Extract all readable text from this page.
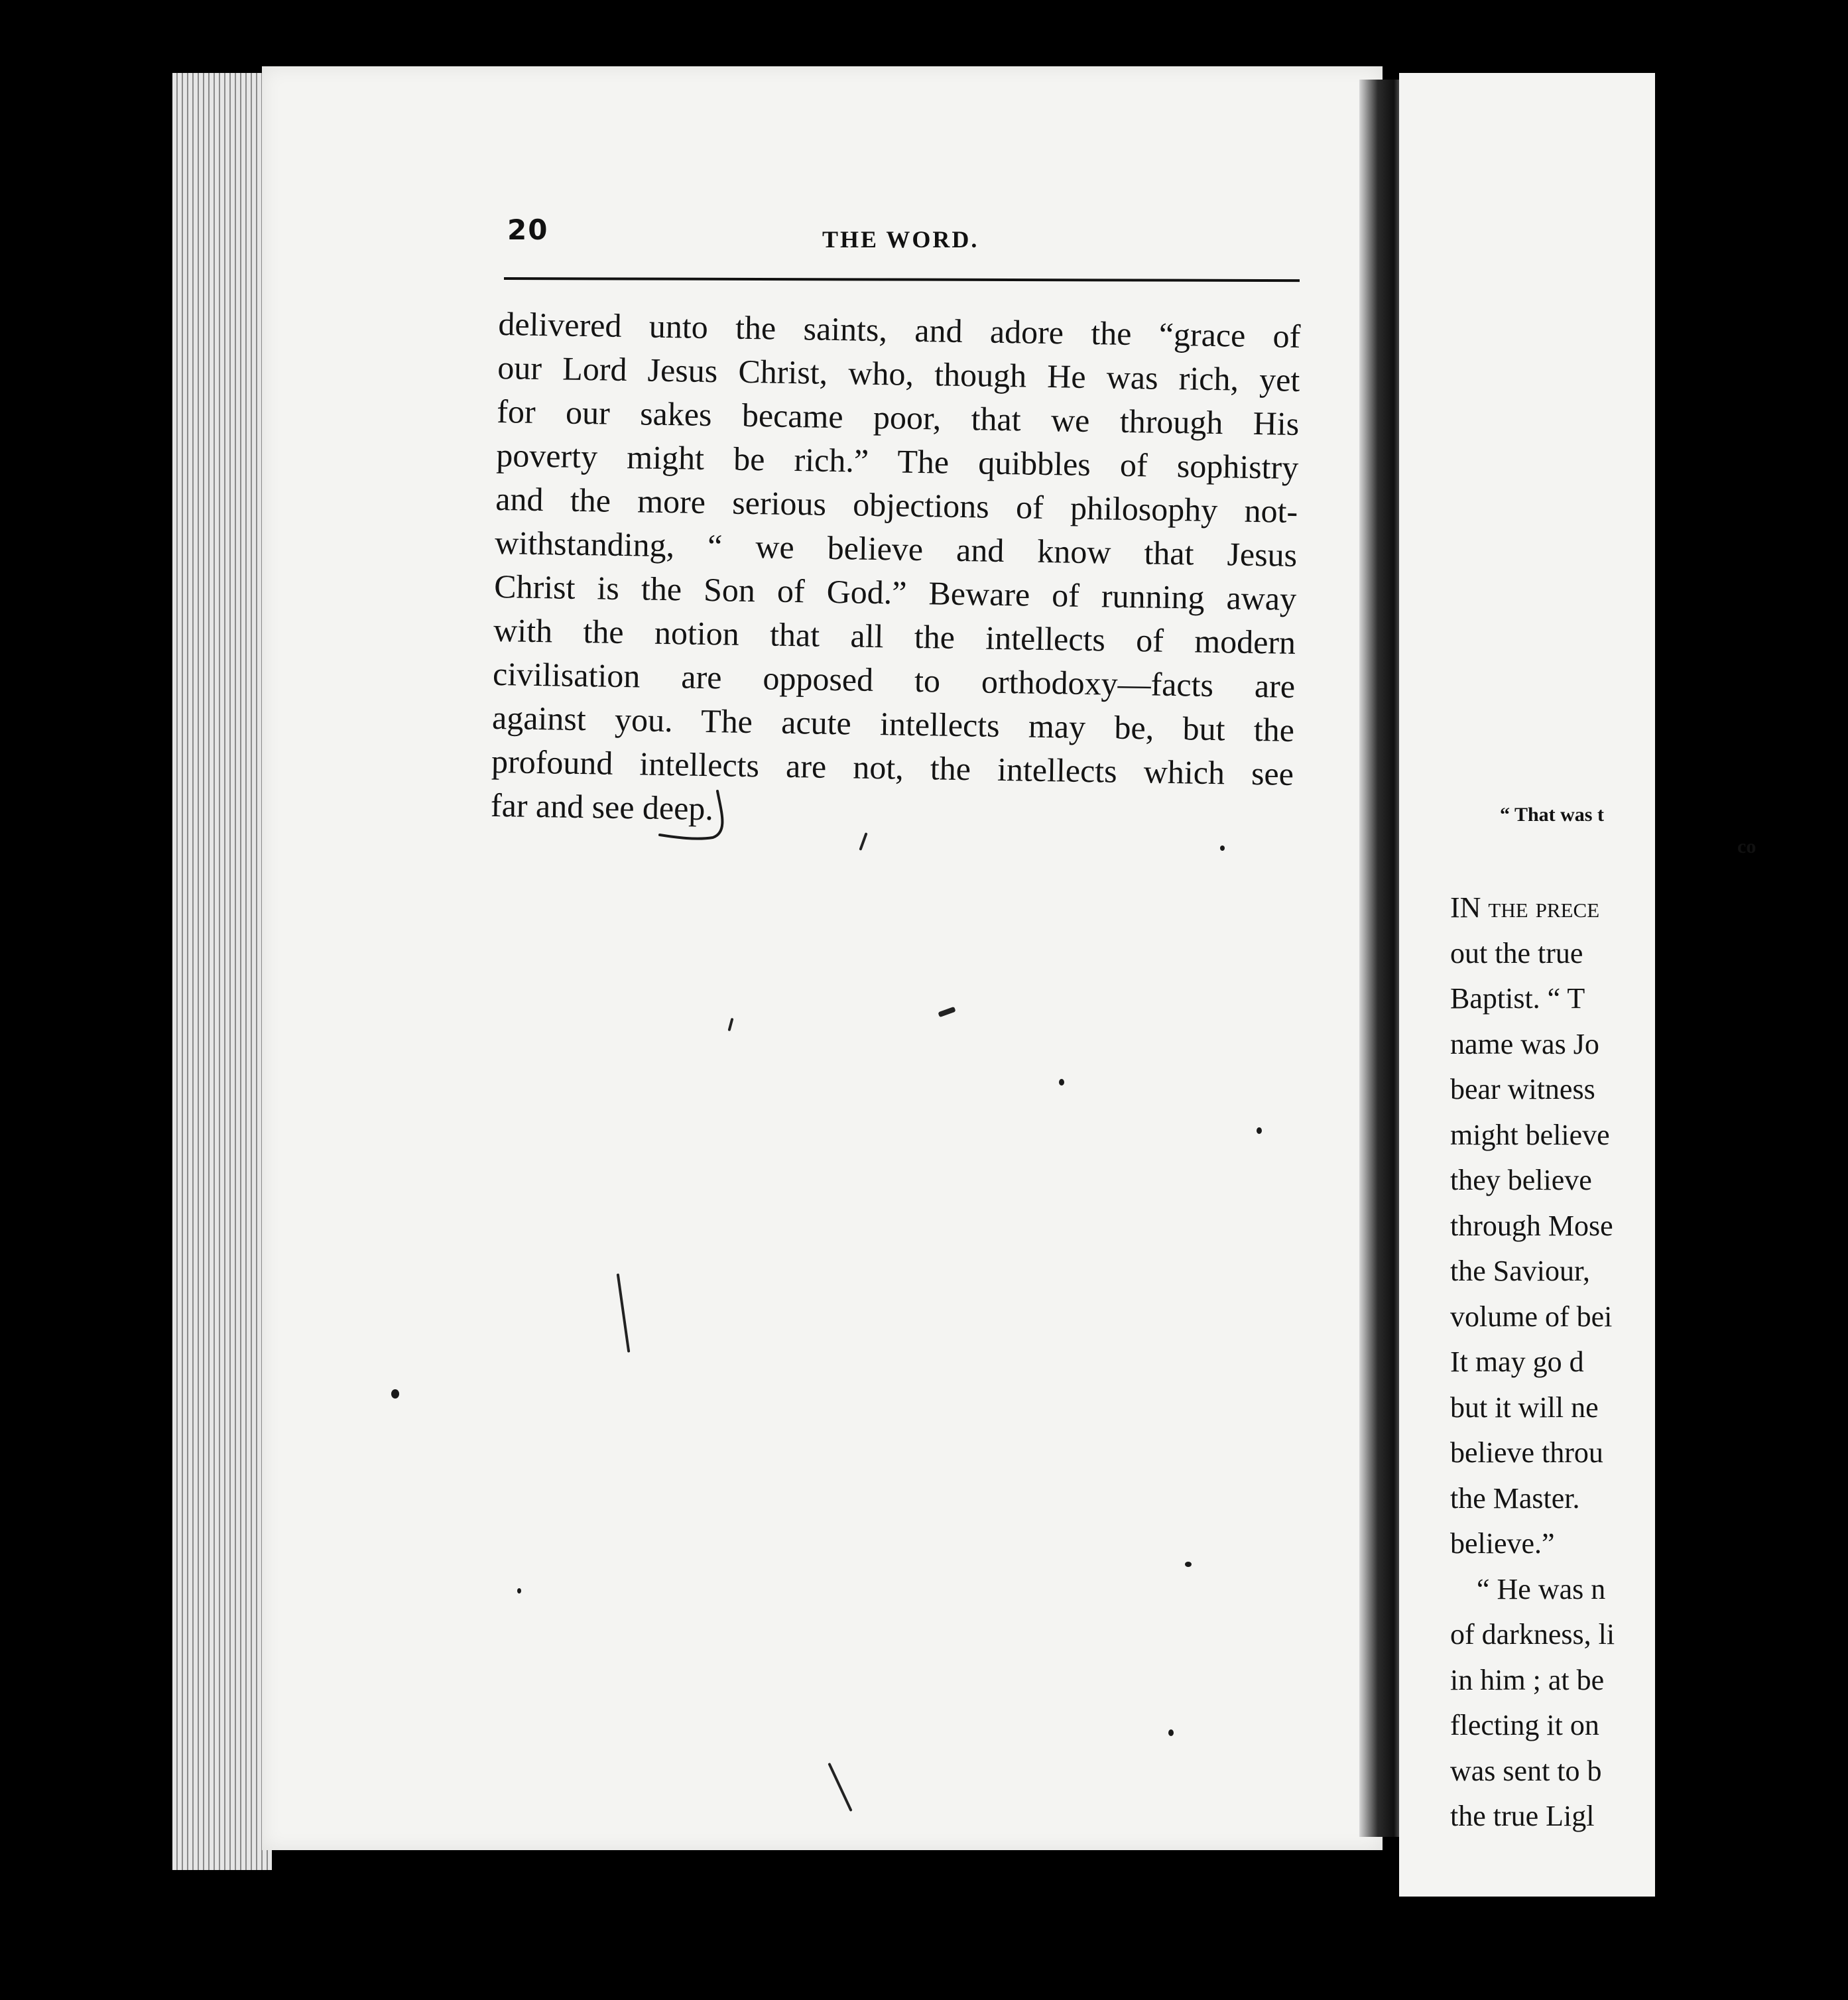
20	THE WORD.
delivered unto the saints, and adore the “grace of
our Lord Jesus Christ, who, though He was rich, yet
for our sakes became poor, that we through His
poverty might be rich.” The quibbles of sophistry
and the more serious objections of philosophy not-
withstanding, “ we believe and know that Jesus
Christ is the Son of God.” Beware of running away
with the notion that all the intellects of modern
civilisation are opposed to orthodoxy—facts are
against you. The acute intellects may be, but the
profound intellects are not, the intellects which see
far and see deep.	“ That was t
co
IN the prece
out the true
Baptist. “ T
name was Jo
bear witness
might believe
they believe
through Mose
the Saviour,
volume of bei
It may go d
but it will ne
believe throu
the Master.
believe.”
“ He was n
of darkness, li
in him ; at be
flecting it on
was sent to b
the true Ligl
